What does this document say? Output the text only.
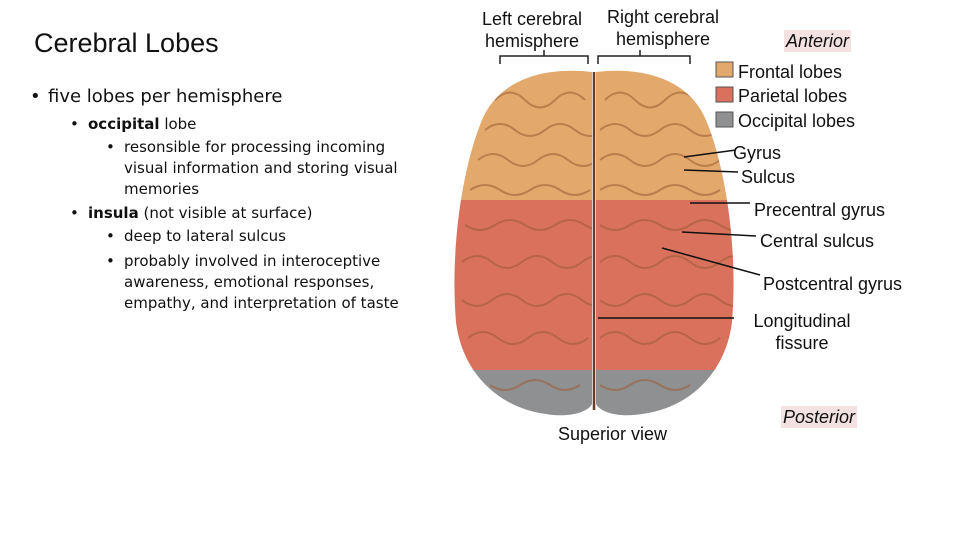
Cerebral Lobes
• five lobes per hemisphere
• occipital lobe
• resonsible for processing incoming visual information and storing visual memories
• insula (not visible at surface)
• deep to lateral sulcus
• probably involved in interoceptive awareness, emotional responses, empathy, and interpretation of taste
Left cerebral hemisphere
Right cerebral hemisphere	Anterior
Frontal lobes
Parietal lobes
Occipital lobes
Gyrus
Sulcus
Precentral gyrus
Central sulcus
Postcentral gyrus
Longitudinal fissure
Posterior
Superior view
